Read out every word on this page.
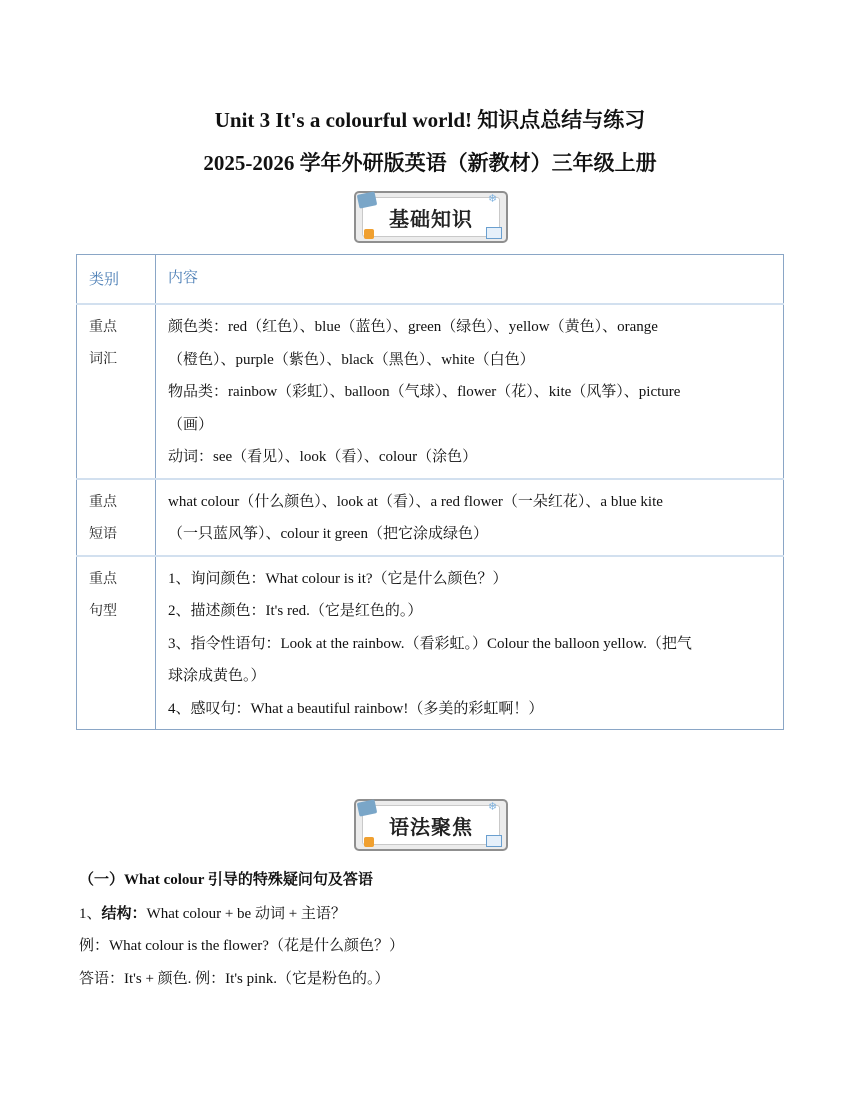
Unit 3 It's a colourful world! 知识点总结与练习
2025-2026 学年外研版英语（新教材）三年级上册
❄
基础知识
类别	内容

重点
词汇	颜色类：red（红色）、blue（蓝色）、green（绿色）、yellow（黄色）、orange
（橙色）、purple（紫色）、black（黑色）、white（白色）
物品类：rainbow（彩虹）、balloon（气球）、flower（花）、kite（风筝）、picture
（画）
动词：see（看见）、look（看）、colour（涂色）

重点
短语	what colour（什么颜色）、look at（看）、a red flower（一朵红花）、a blue kite
（一只蓝风筝）、colour it green（把它涂成绿色）

重点
句型	1、询问颜色：What colour is it?（它是什么颜色？）
2、描述颜色：It's red.（它是红色的。）
3、指令性语句：Look at the rainbow.（看彩虹。）Colour the balloon yellow.（把气
球涂成黄色。）
4、感叹句：What a beautiful rainbow!（多美的彩虹啊！）
❄
语法聚焦
（一）What colour 引导的特殊疑问句及答语
1、结构：What colour + be 动词 + 主语？
例：What colour is the flower?（花是什么颜色？）
答语：It's + 颜色. 例：It's pink.（它是粉色的。）
